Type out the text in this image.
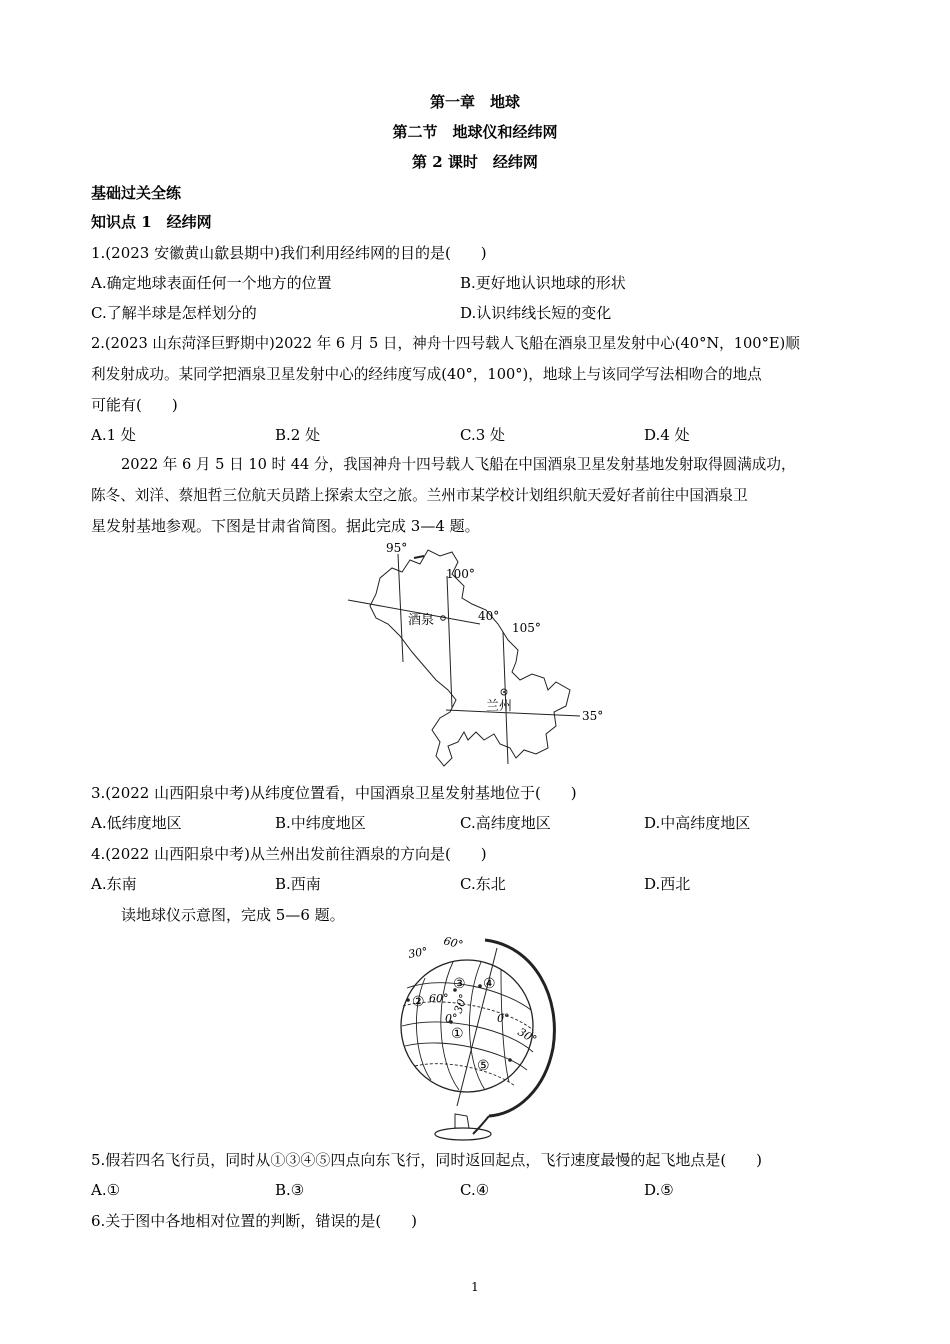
第一章　地球
第二节　地球仪和经纬网
第 2 课时　经纬网
基础过关全练
知识点 1　经纬网
1.(2023 安徽黄山歙县期中)我们利用经纬网的目的是(　　)
A.确定地球表面任何一个地方的位置	B.更好地认识地球的形状
C.了解半球是怎样划分的	D.认识纬线长短的变化
2.(2023 山东菏泽巨野期中)2022 年 6 月 5 日，神舟十四号载人飞船在酒泉卫星发射中心(40°N，100°E)顺
利发射成功。某同学把酒泉卫星发射中心的经纬度写成(40°，100°)，地球上与该同学写法相吻合的地点
可能有(　　)
A.1 处	B.2 处	C.3 处	D.4 处
2022 年 6 月 5 日 10 时 44 分，我国神舟十四号载人飞船在中国酒泉卫星发射基地发射取得圆满成功，
陈冬、刘洋、蔡旭哲三位航天员踏上探索太空之旅。兰州市某学校计划组织航天爱好者前往中国酒泉卫
星发射基地参观。下图是甘肃省简图。据此完成 3—4 题。
95°
100°
40°
105°
35°
酒泉
兰州
3.(2022 山西阳泉中考)从纬度位置看，中国酒泉卫星发射基地位于(　　)
A.低纬度地区	B.中纬度地区	C.高纬度地区	D.中高纬度地区
4.(2022 山西阳泉中考)从兰州出发前往酒泉的方向是(　　)
A.东南	B.西南	C.东北	D.西北
读地球仪示意图，完成 5—6 题。
60°
30°
60° 30°
0°	0°
30°
①
②
③ ④
⑤
5.假若四名飞行员，同时从①③④⑤四点向东飞行，同时返回起点，飞行速度最慢的起飞地点是(　　)
A.①	B.③	C.④	D.⑤
6.关于图中各地相对位置的判断，错误的是(　　)
1
